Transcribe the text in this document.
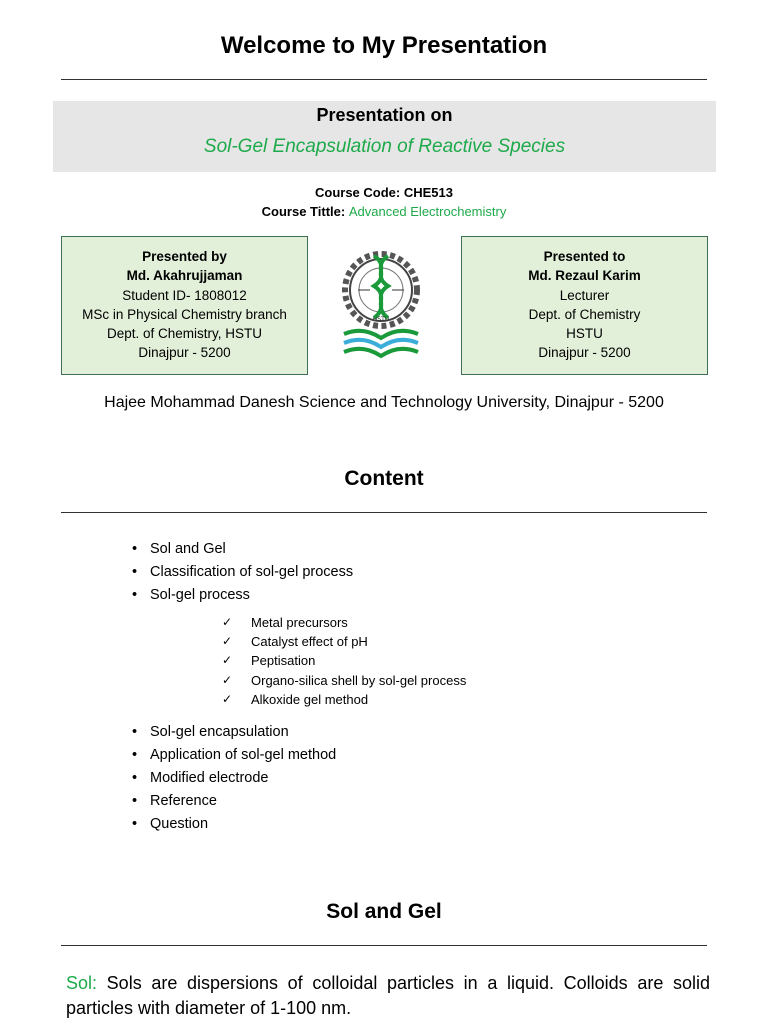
Welcome to My Presentation
Presentation on
Sol-Gel Encapsulation of Reactive Species
Course Code: CHE513
Course Tittle: Advanced Electrochemistry
Presented by
Md. Akahrujjaman
Student ID- 1808012
MSc in Physical Chemistry branch
Dept. of Chemistry, HSTU
Dinajpur - 5200
HSTU
Presented to
Md. Rezaul Karim
Lecturer
Dept. of Chemistry
HSTU
Dinajpur - 5200
Hajee Mohammad Danesh Science and Technology University, Dinajpur - 5200
Content
• Sol and Gel
• Classification of sol-gel process
• Sol-gel process
✓	Metal precursors
✓	Catalyst effect of pH
✓	Peptisation
✓	Organo-silica shell by sol-gel process
✓	Alkoxide gel method
• Sol-gel encapsulation
• Application of sol-gel method
• Modified electrode
• Reference
• Question
Sol and Gel
Sol: Sols are dispersions of colloidal particles in a liquid. Colloids are solid particles with diameter of 1-100 nm.
